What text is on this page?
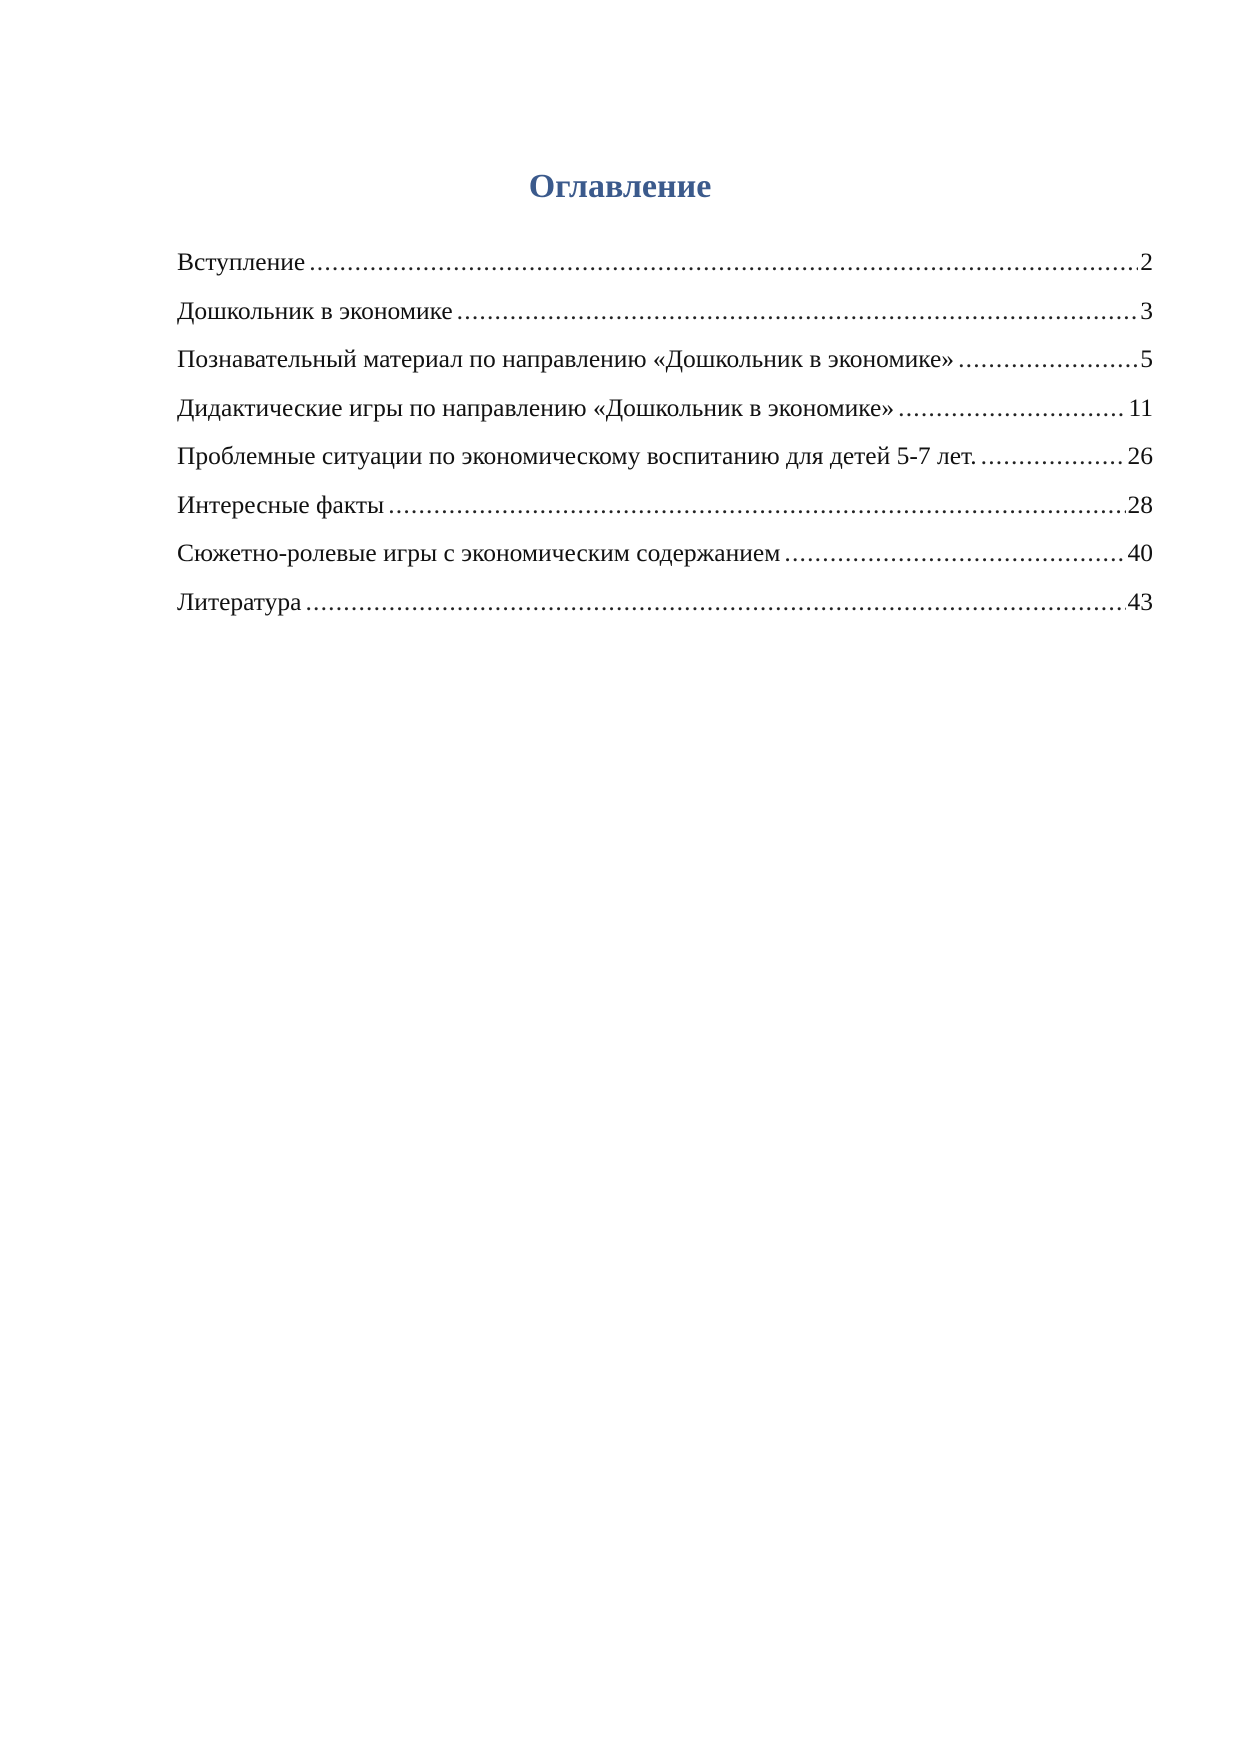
Оглавление
Вступление .....	2
Дошкольник в экономике .....	3
Познавательный материал по направлению «Дошкольник в экономике» .....	5
Дидактические игры по направлению «Дошкольник в экономике» .....	11
Проблемные ситуации по экономическому воспитанию для детей 5-7 лет. .....	26
Интересные факты .....	28
Сюжетно-ролевые игры с экономическим содержанием .....	40
Литература .....	43
